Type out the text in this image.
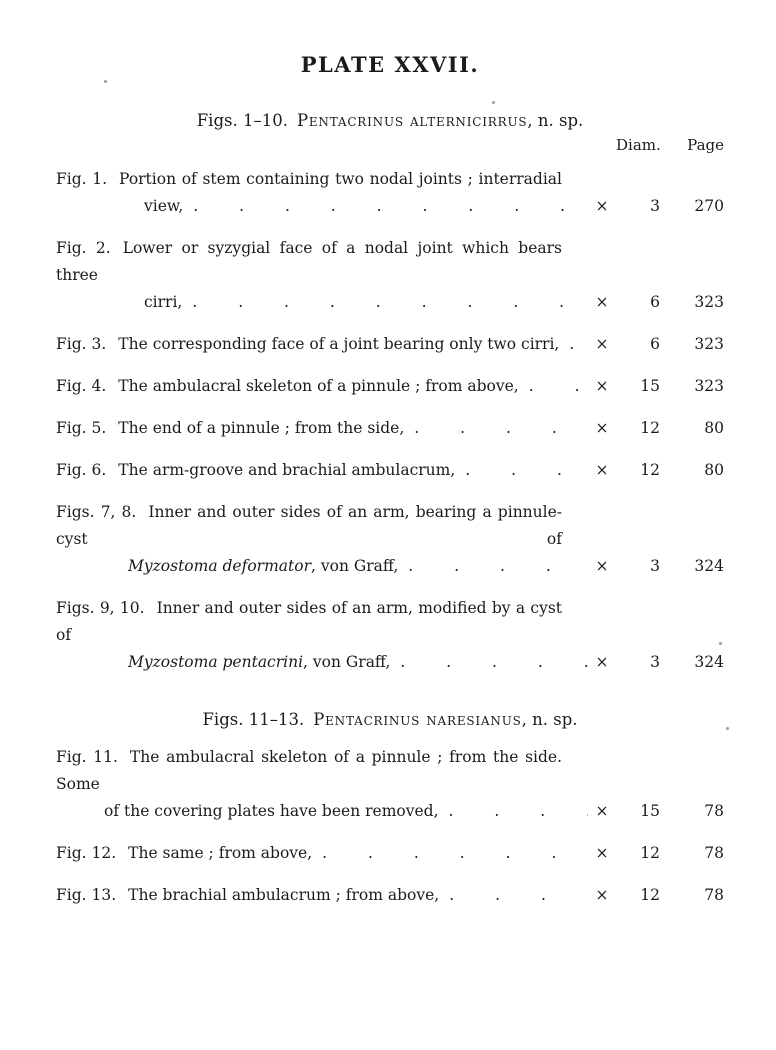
PLATE XXVII.
Figs. 1–10. Pentacrinus alternicirrus, n. sp.
Diam.	Page
Fig. 1. Portion of stem containing two nodal joints ; interradial
view, . . .	×	3	270
Fig. 2. Lower or syzygial face of a nodal joint which bears three
cirri, . . .	×	6	323
Fig. 3. The corresponding face of a joint bearing only two cirri,
. . .	×	6	323
Fig. 4. The ambulacral skeleton of a pinnule ; from above, . . .	×	15	323
Fig. 5. The end of a pinnule ; from the side, . . .	×	12	80
Fig. 6. The arm-groove and brachial ambulacrum, . . .	×	12	80
Figs. 7, 8. Inner and outer sides of an arm, bearing a pinnule-cyst of
Myzostoma deformator , von Graff, . . .	×	3	324
Figs. 9, 10. Inner and outer sides of an arm, modified by a cyst of
Myzostoma pentacrini , von Graff, . . .	×	3	324
Figs. 11–13. Pentacrinus naresianus, n. sp.
Fig. 11. The ambulacral skeleton of a pinnule ; from the side. Some
of the covering plates have been removed, . . .	×	15	78
Fig. 12. The same ; from above, . . .	×	12	78
Fig. 13. The brachial ambulacrum ; from above, . . .	×	12	78
